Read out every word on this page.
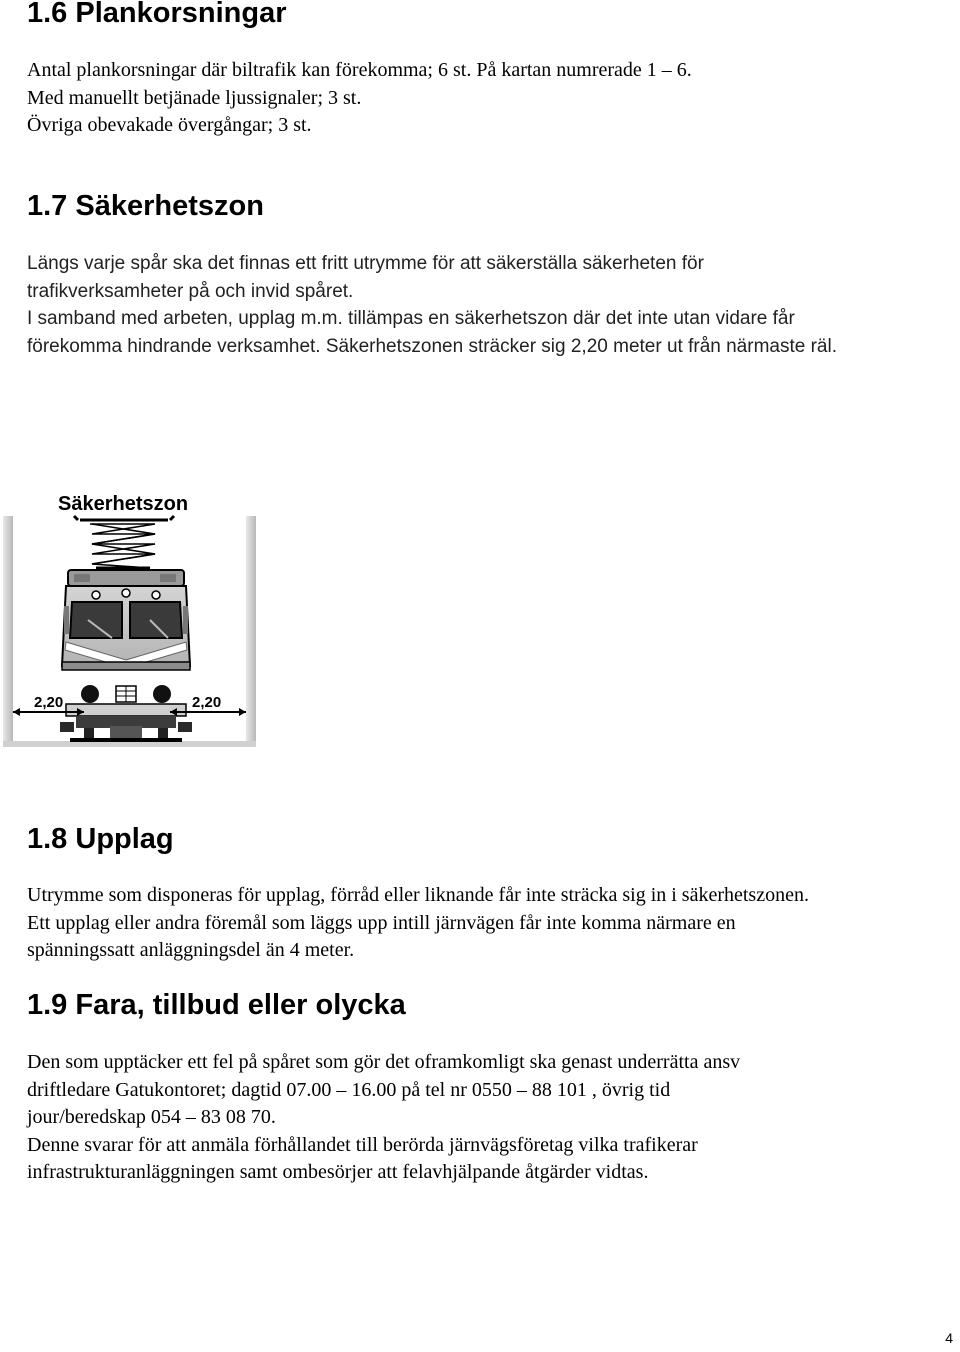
1.6 Plankorsningar
Antal plankorsningar där biltrafik kan förekomma; 6 st. På kartan numrerade 1 – 6.
Med manuellt betjänade ljussignaler; 3 st.
Övriga obevakade övergångar; 3 st.
1.7 Säkerhetszon
Längs varje spår ska det finnas ett fritt utrymme för att säkerställa säkerheten för
trafikverksamheter på och invid spåret.
I samband med arbeten, upplag m.m. tillämpas en säkerhetszon där det inte utan vidare får
förekomma hindrande verksamhet. Säkerhetszonen sträcker sig 2,20 meter ut från närmaste räl.
Säkerhetszon
2,20	2,20
1.8 Upplag
Utrymme som disponeras för upplag, förråd eller liknande får inte sträcka sig in i säkerhetszonen.
Ett upplag eller andra föremål som läggs upp intill järnvägen får inte komma närmare en
spänningssatt anläggningsdel än 4 meter.
1.9 Fara, tillbud eller olycka
Den som upptäcker ett fel på spåret som gör det oframkomligt ska genast underrätta ansv
driftledare Gatukontoret; dagtid 07.00 – 16.00 på tel nr 0550 – 88 101 , övrig tid
jour/beredskap 054 – 83 08 70.
Denne svarar för att anmäla förhållandet till berörda järnvägsföretag vilka trafikerar
infrastrukturanläggningen samt ombesörjer att felavhjälpande åtgärder vidtas.
4
